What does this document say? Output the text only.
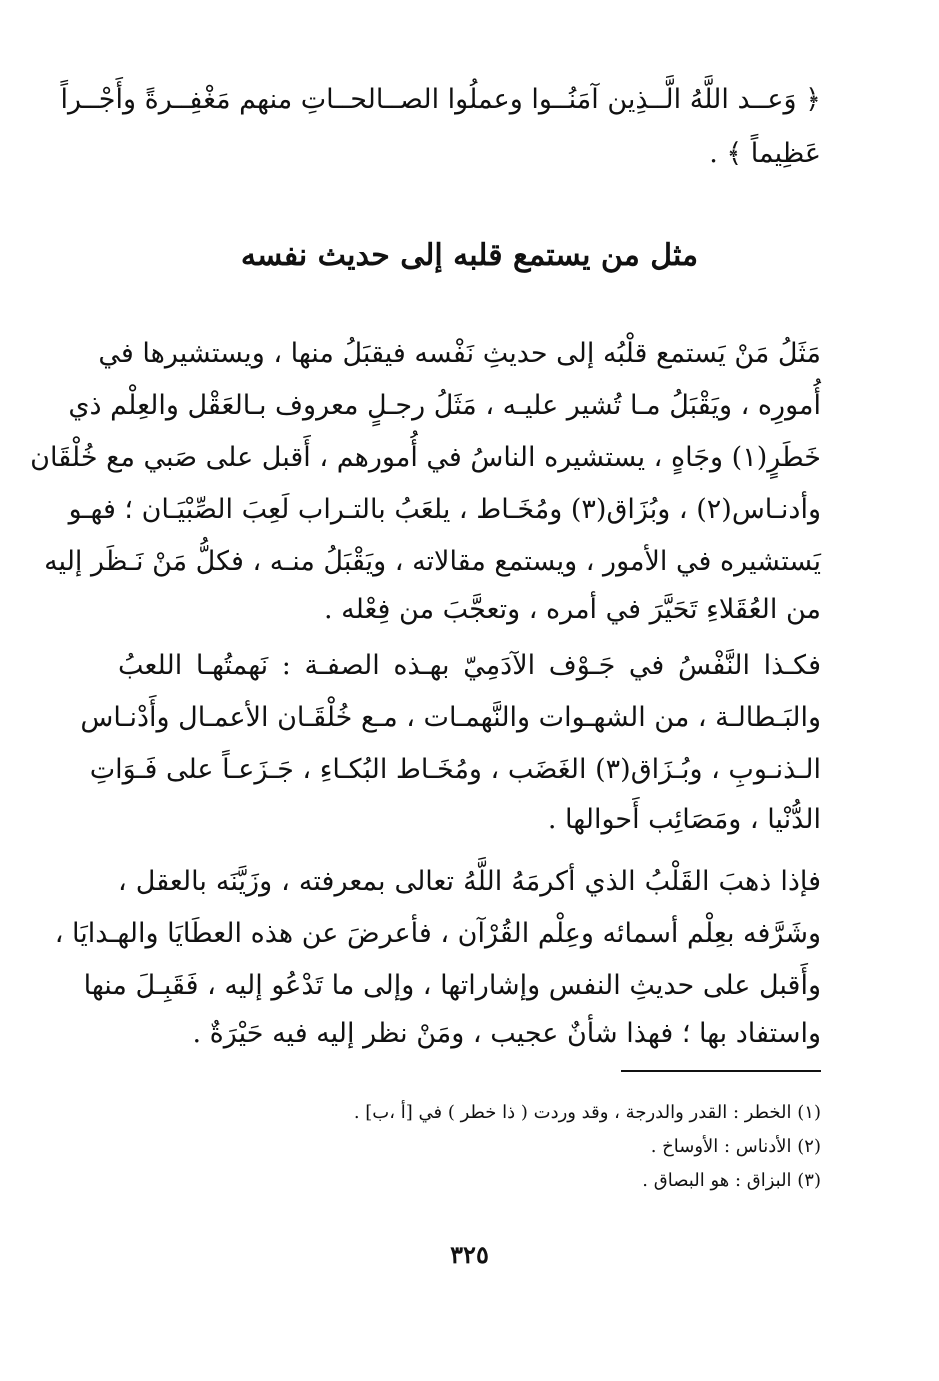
﴿ وَعــد اللَّهُ الَّــذِين آمَنُــوا وعملُوا الصــالحــاتِ منهم مَغْفِــرةً وأَجْــراً
عَظِيماً ﴾ .
مثل من يستمع قلبه إلى حديث نفسه
مَثَلُ مَنْ يَستمع قلْبُه إلى حديثِ نَفْسه فيقبَلُ منها ، ويستشيرها في
أُمورِه ، ويَقْبَلُ مـا تُشير عليـه ، مَثَلُ رجـلٍ معروف بـالعَقْل والعِلْم ذي
خَطَرٍ(١) وجَاهٍ ، يستشيره الناسُ في أُمورهم ، أَقبل على صَبي مع خُلْقَان
وأدنـاس(٢) ، وبُزَاق(٣) ومُخَـاط ، يلعَبُ بالتـراب لَعِبَ الصِّبْيَـان ؛ فهـو
يَستشيره في الأمور ، ويستمع مقالاته ، ويَقْبَلُ منـه ، فكلُّ مَنْ نَـظَر إليه
من العُقَلاءِ تَحَيَّرَ في أمره ، وتعجَّبَ من فِعْله .
فكـذا النَّفْسُ في جَـوْف الآدَمِيّ بهـذه الصفـة : نَهمتُهـا اللعبُ
والبَـطالـة ، من الشهـوات والنَّهمـات ، مـع خُلْقَـان الأعمـال وأَدْنـاس
الـذنـوبِ ، وبُـزَاق(٣) الغَضَب ، ومُخَـاط البُكـاءِ ، جَـزَعـاً على فَـوَاتِ
الدُّنْيا ، ومَصَائِب أَحوالها .
فإذا ذهبَ القَلْبُ الذي أكرمَهُ اللَّهُ تعالى بمعرفته ، وزَيَّنَه بالعقل ،
وشَرَّفه بعِلْم أسمائه وعِلْم القُرْآن ، فأعرضَ عن هذه العطَايَا والهـدايَا ،
وأَقبل على حديثِ النفس وإشاراتها ، وإلى ما تَدْعُو إليه ، فَقَبِـلَ منها
واستفاد بها ؛ فهذا شأنٌ عجيب ، ومَنْ نظر إليه فيه حَيْرَةٌ .
(١) الخطر : القدر والدرجة ، وقد وردت ( ذا خطر ) في [أ ،ب] .
(٢) الأدناس : الأوساخ .
(٣) البزاق : هو البصاق .
٣٢٥
